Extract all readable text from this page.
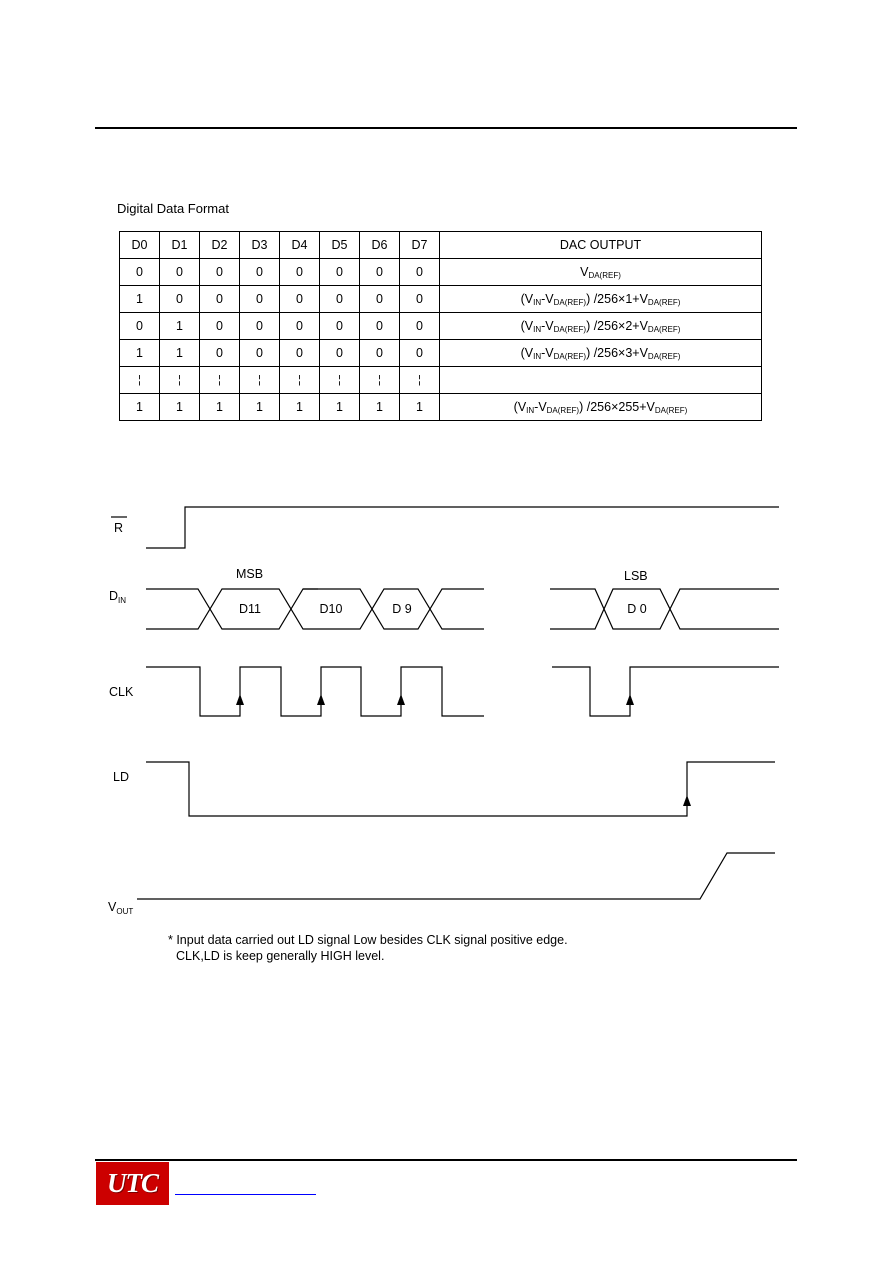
Digital Data Format
D0	D1	D2	D3	D4	D5	D6	D7	DAC OUTPUT
0	0	0	0	0	0	0	0	$V_{DA(REF)}$
1	0	0	0	0	0	0	0	$(V_{IN}-V_{DA(REF)})$ $/256\times 1+V_{DA(REF)}$
0	1	0	0	0	0	0	0	$(V_{IN}-V_{DA(REF)})$ $/256\times 2+V_{DA(REF)}$
1	1	0	0	0	0	0	0	$(V_{IN}-V_{DA(REF)})$ $/256\times 3+V_{DA(REF)}$
¦	¦	¦	¦	¦	¦	¦	¦	
1	1	1	1	1	1	1	1	$(V_{IN}-V_{DA(REF)})$ $/256\times 255+V_{DA(REF)}$
R
$D_{IN}$
CLK
LD
$V_{OUT}$
MSB	LSB
D11	D10	D 9	D 0
* Input data carried out LD signal Low besides CLK signal positive edge.
CLK,LD is keep generally HIGH level.
UTC
